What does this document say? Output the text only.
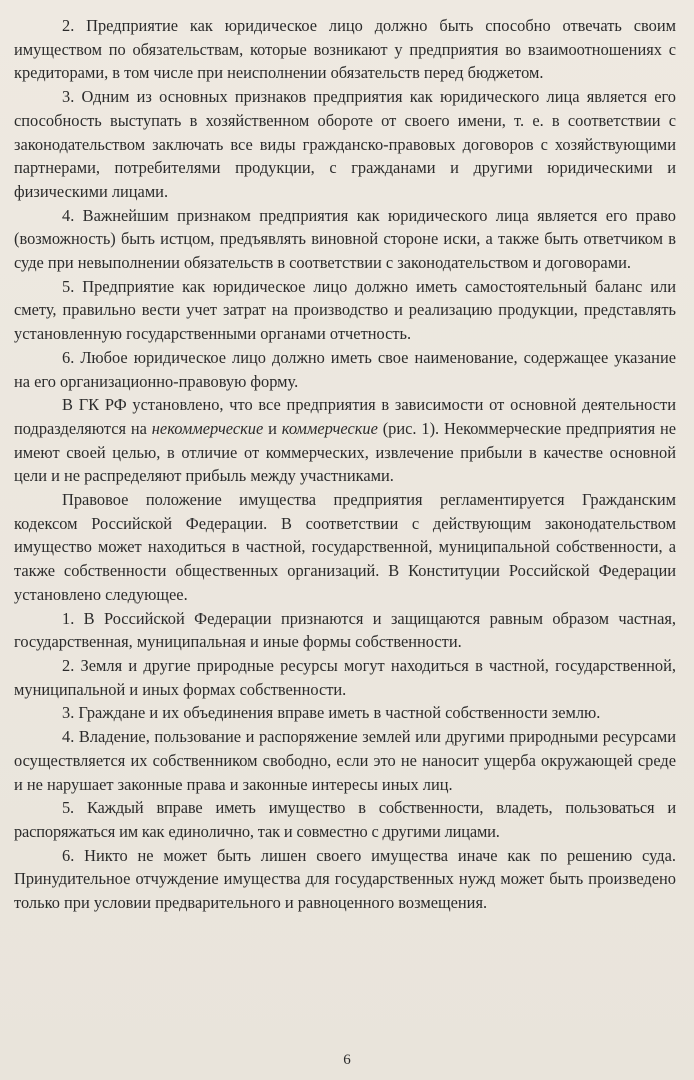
2. Предприятие как юридическое лицо должно быть способно отвечать своим имуществом по обязательствам, которые возникают у предприятия во взаимоотношениях с кредиторами, в том числе при неисполнении обязательств перед бюджетом.

3. Одним из основных признаков предприятия как юридического лица является его способность выступать в хозяйственном обороте от своего имени, т. е. в соответствии с законодательством заключать все виды гражданско-правовых договоров с хозяйствующими партнерами, потребителями продукции, с гражданами и другими юридическими и физическими лицами.

4. Важнейшим признаком предприятия как юридического лица является его право (возможность) быть истцом, предъявлять виновной стороне иски, а также быть ответчиком в суде при невыполнении обязательств в соответствии с законодательством и договорами.

5. Предприятие как юридическое лицо должно иметь самостоятельный баланс или смету, правильно вести учет затрат на производство и реализацию продукции, представлять установленную государственными органами отчетность.

6. Любое юридическое лицо должно иметь свое наименование, содержащее указание на его организационно-правовую форму.

В ГК РФ установлено, что все предприятия в зависимости от основной деятельности подразделяются на некоммерческие и коммерческие (рис. 1). Некоммерческие предприятия не имеют своей целью, в отличие от коммерческих, извлечение прибыли в качестве основной цели и не распределяют прибыль между участниками.

Правовое положение имущества предприятия регламентируется Гражданским кодексом Российской Федерации. В соответствии с действующим законодательством имущество может находиться в частной, государственной, муниципальной собственности, а также собственности общественных организаций. В Конституции Российской Федерации установлено следующее.

1. В Российской Федерации признаются и защищаются равным образом частная, государственная, муниципальная и иные формы собственности.

2. Земля и другие природные ресурсы могут находиться в частной, государственной, муниципальной и иных формах собственности.

3. Граждане и их объединения вправе иметь в частной собственности землю.

4. Владение, пользование и распоряжение землей или другими природными ресурсами осуществляется их собственником свободно, если это не наносит ущерба окружающей среде и не нарушает законные права и законные интересы иных лиц.

5. Каждый вправе иметь имущество в собственности, владеть, пользоваться и распоряжаться им как единолично, так и совместно с другими лицами.

6. Никто не может быть лишен своего имущества иначе как по решению суда. Принудительное отчуждение имущества для государственных нужд может быть произведено только при условии предварительного и равноценного возмещения.

6
